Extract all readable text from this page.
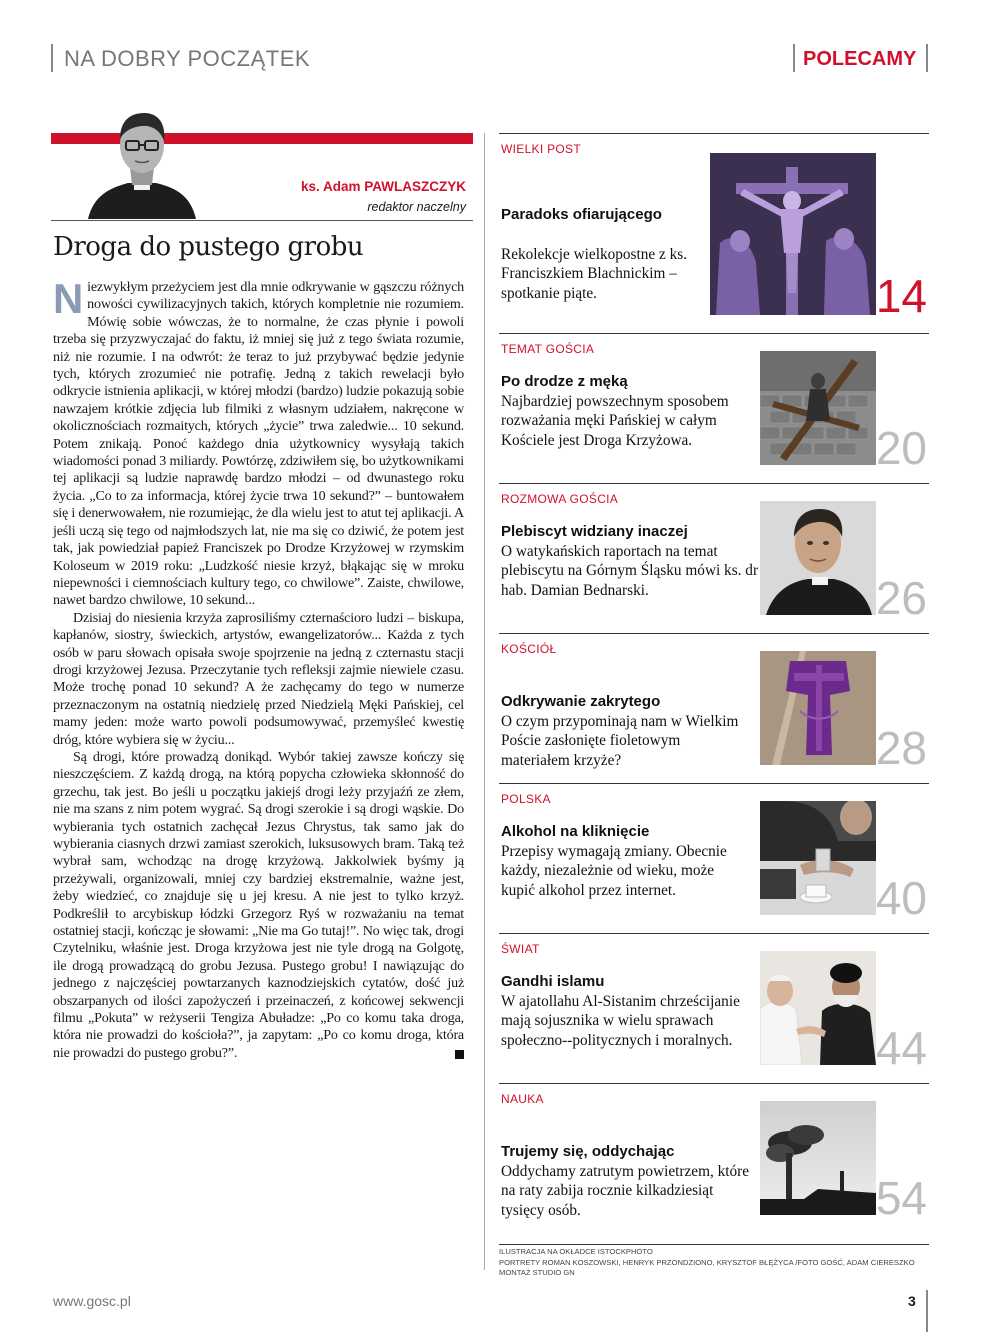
NA DOBRY POCZĄTEK	POLECAMY
ks. Adam PAWLASZCZYK
redaktor naczelny
Droga do pustego grobu

Niezwykłym przeżyciem jest dla mnie odkrywanie w gąszczu różnych nowości cywilizacyjnych takich, których kompletnie nie rozumiem. Mówię sobie wówczas, że to normalne, że czas płynie i powoli trzeba się przyzwyczajać do faktu, iż mniej się już z tego świata rozumie, niż nie rozumie. I na odwrót: że teraz to już przybywać będzie jedynie tych, których zrozumieć nie potrafię. Jedną z takich rewelacji było odkrycie istnienia aplikacji, w której młodzi (bardzo) ludzie pokazują sobie nawzajem krótkie zdjęcia lub filmiki z własnym udziałem, nakręcone w okolicznościach rozmaitych, których „życie” trwa zaledwie... 10 sekund. Potem znikają. Ponoć każdego dnia użytkownicy wysyłają takich wiadomości ponad 3 miliardy. Powtórzę, zdziwiłem się, bo użytkownikami tej aplikacji są ludzie naprawdę bardzo młodzi – od dwunastego roku życia. „Co to za informacja, której życie trwa 10 sekund?” – buntowałem się i denerwowałem, nie rozumiejąc, że dla wielu jest to atut tej aplikacji. A jeśli uczą się tego od najmłodszych lat, nie ma się co dziwić, że potem jest tak, jak powiedział papież Franciszek po Drodze Krzyżowej w rzymskim Koloseum w 2019 roku: „Ludzkość niesie krzyż, błąkając się w mroku niepewności i ciemnościach kultury tego, co chwilowe”. Zaiste, chwilowe, nawet bardzo chwilowe, 10 sekund...

Dzisiaj do niesienia krzyża zaprosiliśmy czternaścioro ludzi – biskupa, kapłanów, siostry, świeckich, artystów, ewangelizatorów... Każda z tych osób w paru słowach opisała swoje spojrzenie na jedną z czternastu stacji drogi krzyżowej Jezusa. Przeczytanie tych refleksji zajmie niewiele czasu. Może trochę ponad 10 sekund? A że zachęcamy do tego w numerze przeznaczonym na ostatnią niedzielę przed Niedzielą Męki Pańskiej, cel mamy jeden: może warto powoli podsumowywać, przemyśleć kwestię dróg, które wybiera się w życiu...

Są drogi, które prowadzą donikąd. Wybór takiej zawsze kończy się nieszczęściem. Z każdą drogą, na którą popycha człowieka skłonność do grzechu, tak jest. Bo jeśli u początku jakiejś drogi leży przyjaźń ze złem, nie ma szans z nim potem wygrać. Są drogi szerokie i są drogi wąskie. Do wybierania tych ostatnich zachęcał Jezus Chrystus, tak samo jak do wybierania ciasnych drzwi zamiast szerokich, luksusowych bram. Taką też wybrał sam, wchodząc na drogę krzyżową. Jakkolwiek byśmy ją przeżywali, organizowali, mniej czy bardziej ekstremalnie, ważne jest, żeby wiedzieć, co znajduje się u jej kresu. A nie jest to tylko krzyż. Podkreślił to arcybiskup łódzki Grzegorz Ryś w rozważaniu na temat ostatniej stacji, kończąc je słowami: „Nie ma Go tutaj!”. No więc tak, drogi Czytelniku, właśnie jest. Droga krzyżowa jest nie tyle drogą na Golgotę, ile drogą prowadzącą do grobu Jezusa. Pustego grobu! I nawiązując do jednego z najczęściej powtarzanych kaznodziejskich cytatów, dość już obszarpanych od ilości zapożyczeń i przeinaczeń, z końcowej sekwencji filmu „Pokuta” w reżyserii Tengiza Abuładze: „Po co komu taka droga, która nie prowadzi do kościoła?”, ja zapytam: „Po co komu droga, która nie prowadzi do pustego grobu?”.

WIELKI POST
Paradoks ofiarującego
Rekolekcje wielkopostne z ks. Franciszkiem Blachnickim – spotkanie piąte.	14
TEMAT GOŚCIA
Po drodze z męką
Najbardziej powszechnym sposobem rozważania męki Pańskiej w całym Kościele jest Droga Krzyżowa.	20
ROZMOWA GOŚCIA
Plebiscyt widziany inaczej
O watykańskich raportach na temat plebiscytu na Górnym Śląsku mówi ks. dr hab. Damian Bednarski.	26
KOŚCIÓŁ
Odkrywanie zakrytego
O czym przypominają nam w Wielkim Poście zasłonięte fioletowym materiałem krzyże?	28
POLSKA
Alkohol na kliknięcie
Przepisy wymagają zmiany. Obecnie każdy, niezależnie od wieku, może kupić alkohol przez internet.	40
ŚWIAT
Gandhi islamu
W ajatollahu Al-Sistanim chrześcijanie mają sojusznika w wielu sprawach społeczno--politycznych i moralnych.	44
NAUKA
Trujemy się, oddychając
Oddychamy zatrutym powietrzem, które na raty zabija rocznie kilkadziesiąt tysięcy osób.	54
ILUSTRACJA NA OKŁADCE ISTOCKPHOTO
PORTRETY ROMAN KOSZOWSKI, HENRYK PRZONDZIONO, KRYSZTOF BŁĘŻYCA /FOTO GOŚĆ, ADAM CIERESZKO
MONTAŻ STUDIO GN
www.gosc.pl	3
